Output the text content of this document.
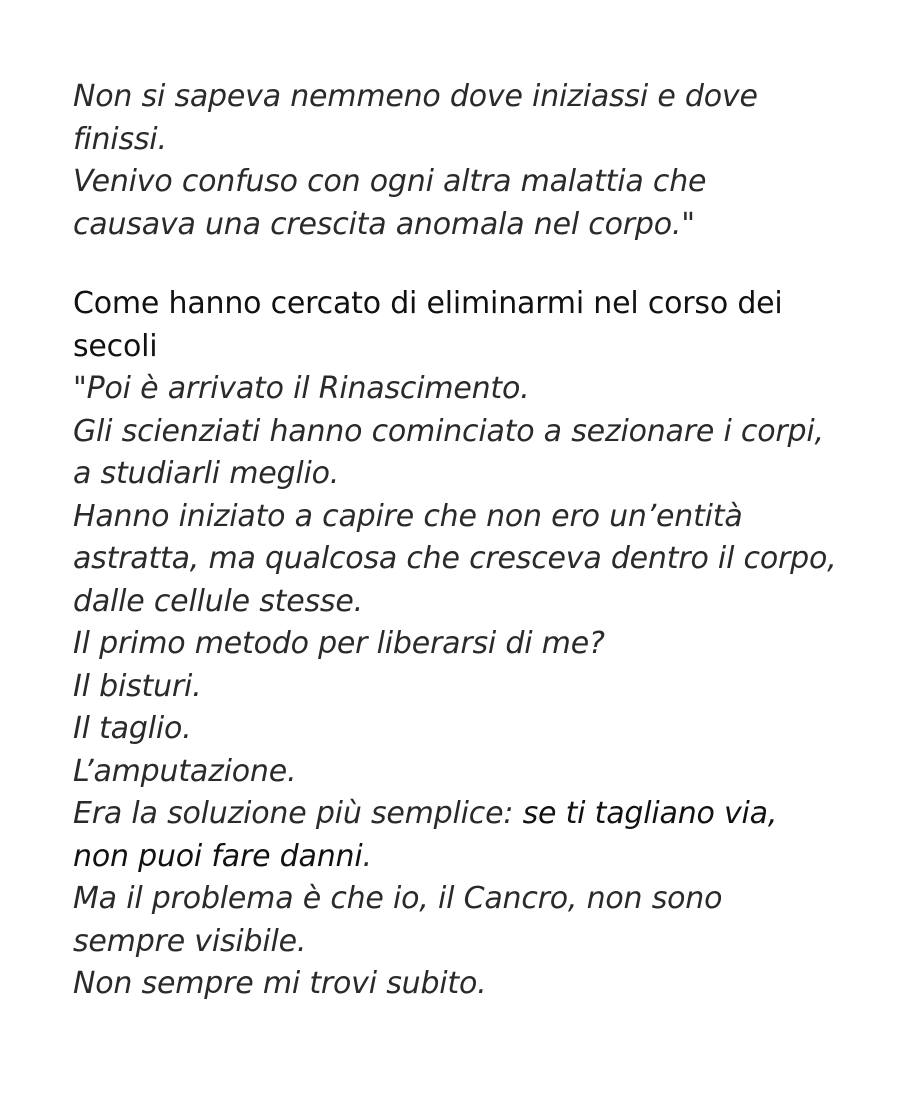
Non si sapeva nemmeno dove iniziassi e dove
finissi.
Venivo confuso con ogni altra malattia che
causava una crescita anomala nel corpo."
Come hanno cercato di eliminarmi nel corso dei
secoli
"Poi è arrivato il Rinascimento.
Gli scienziati hanno cominciato a sezionare i corpi,
a studiarli meglio.
Hanno iniziato a capire che non ero un’entità
astratta, ma qualcosa che cresceva dentro il corpo,
dalle cellule stesse.
Il primo metodo per liberarsi di me?
Il bisturi.
Il taglio.
L’amputazione.
Era la soluzione più semplice: se ti tagliano via,
non puoi fare danni.
Ma il problema è che io, il Cancro, non sono
sempre visibile.
Non sempre mi trovi subito.
